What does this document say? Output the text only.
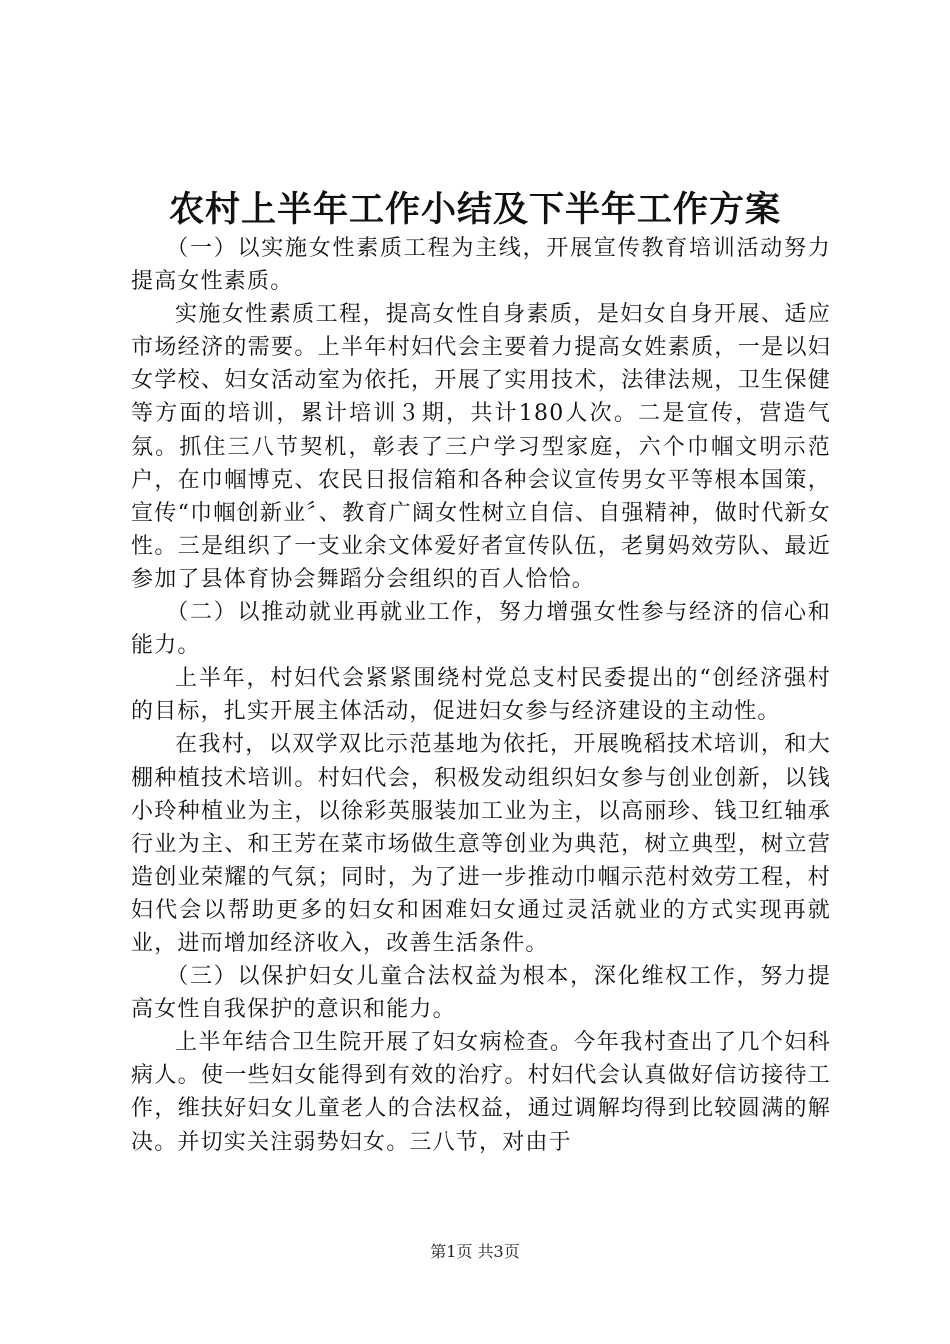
农村上半年工作小结及下半年工作方案

（一）以实施女性素质工程为主线，开展宣传教育培训活动努力提高女性素质。

实施女性素质工程，提高女性自身素质，是妇女自身开展、适应市场经济的需要。上半年村妇代会主要着力提高女姓素质，一是以妇女学校、妇女活动室为依托，开展了实用技术，法律法规，卫生保健等方面的培训，累计培训３期，共计180人次。二是宣传，营造气氛。抓住三八节契机，彰表了三户学习型家庭，六个巾帼文明示范户，在巾帼博克、农民日报信箱和各种会议宣传男女平等根本国策，宣传“巾帼创新业〞、教育广阔女性树立自信、自强精神，做时代新女性。三是组织了一支业余文体爱好者宣传队伍，老舅妈效劳队、最近参加了县体育协会舞蹈分会组织的百人恰恰。

（二）以推动就业再就业工作，努力增强女性参与经济的信心和能力。

上半年，村妇代会紧紧围绕村党总支村民委提出的“创经济强村的目标，扎实开展主体活动，促进妇女参与经济建设的主动性。

在我村，以双学双比示范基地为依托，开展晚稻技术培训，和大棚种植技术培训。村妇代会，积极发动组织妇女参与创业创新，以钱小玲种植业为主，以徐彩英服装加工业为主，以高丽珍、钱卫红轴承行业为主、和王芳在菜市场做生意等创业为典范，树立典型，树立营造创业荣耀的气氛；同时，为了进一步推动巾帼示范村效劳工程，村妇代会以帮助更多的妇女和困难妇女通过灵活就业的方式实现再就业，进而增加经济收入，改善生活条件。

（三）以保护妇女儿童合法权益为根本，深化维权工作，努力提高女性自我保护的意识和能力。

上半年结合卫生院开展了妇女病检查。今年我村查出了几个妇科病人。使一些妇女能得到有效的治疗。村妇代会认真做好信访接待工作，维扶好妇女儿童老人的合法权益，通过调解均得到比较圆满的解决。并切实关注弱势妇女。三八节，对由于

第1页 共3页
